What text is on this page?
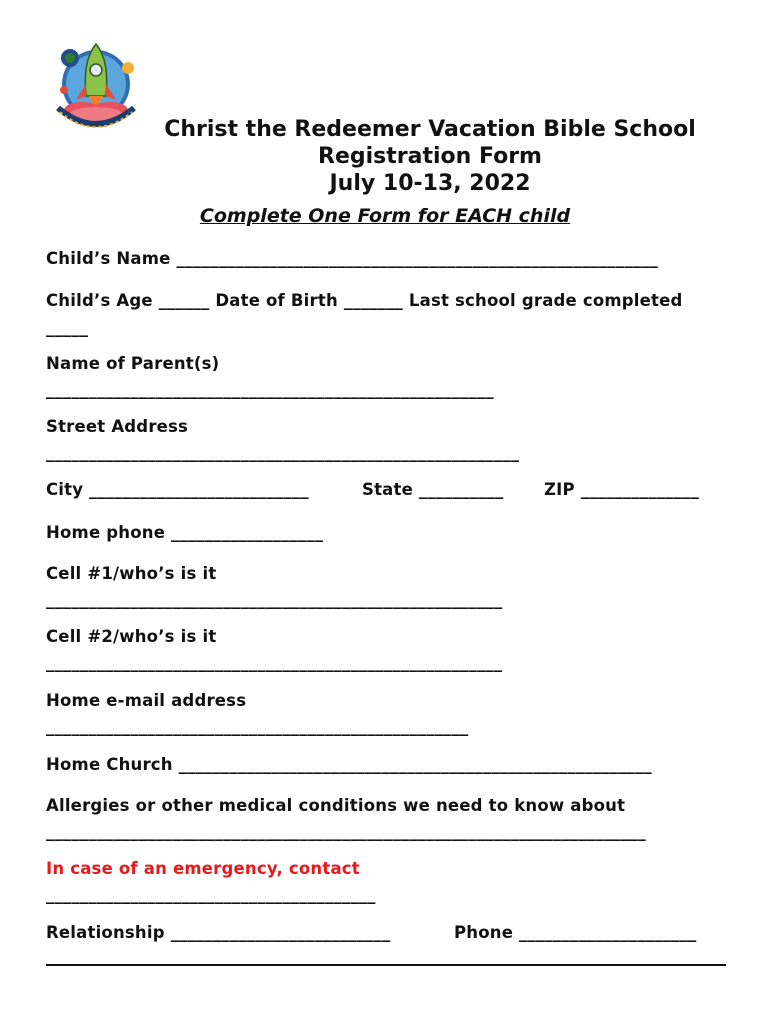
Christ the Redeemer Vacation Bible School
Registration Form
July 10-13, 2022
Complete One Form for EACH child
Child’s Name _________________________________________________________
Child’s Age ______ Date of Birth _______ Last school grade completed
_____
Name of Parent(s)
_____________________________________________________
Street Address
________________________________________________________
City __________________________	State __________ ZIP ______________
Home phone __________________
Cell #1/who’s is it
______________________________________________________
Cell #2/who’s is it
______________________________________________________
Home e-mail address
__________________________________________________
Home Church ________________________________________________________
Allergies or other medical conditions we need to know about
_______________________________________________________________________
In case of an emergency, contact
_______________________________________
Relationship __________________________	Phone _____________________
